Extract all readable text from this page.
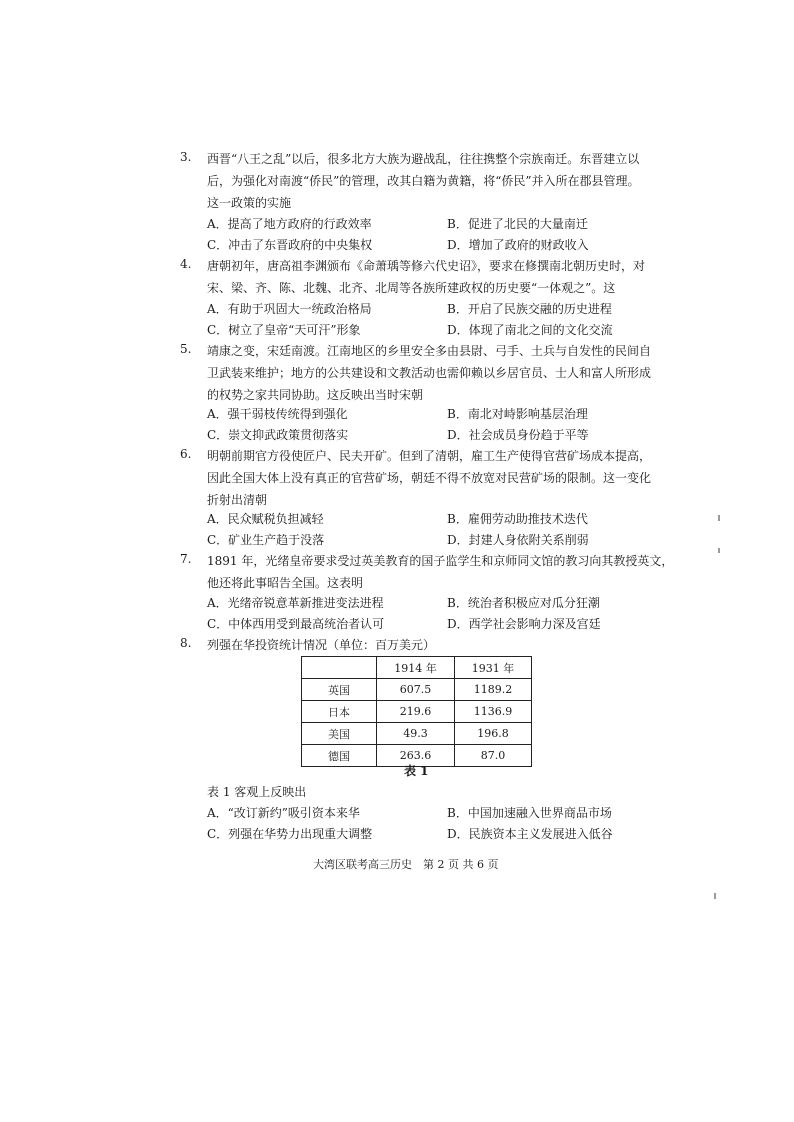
3.	西晋“八王之乱”以后，很多北方大族为避战乱，往往携整个宗族南迁。东晋建立以
后，为强化对南渡“侨民”的管理，改其白籍为黄籍，将“侨民”并入所在郡县管理。
这一政策的实施
A．提高了地方政府的行政效率	B．促进了北民的大量南迁
C．冲击了东晋政府的中央集权	D．增加了政府的财政收入
4.	唐朝初年，唐高祖李渊颁布《命萧瑀等修六代史诏》，要求在修撰南北朝历史时，对
宋、梁、齐、陈、北魏、北齐、北周等各族所建政权的历史要“一体观之”。这
A．有助于巩固大一统政治格局	B．开启了民族交融的历史进程
C．树立了皇帝“天可汗”形象	D．体现了南北之间的文化交流
5.	靖康之变，宋廷南渡。江南地区的乡里安全多由县尉、弓手、土兵与自发性的民间自
卫武装来维护；地方的公共建设和文教活动也需仰赖以乡居官员、士人和富人所形成
的权势之家共同协助。这反映出当时宋朝
A．强干弱枝传统得到强化	B．南北对峙影响基层治理
C．崇文抑武政策贯彻落实	D．社会成员身份趋于平等
6.	明朝前期官方役使匠户、民夫开矿。但到了清朝，雇工生产使得官营矿场成本提高，
因此全国大体上没有真正的官营矿场，朝廷不得不放宽对民营矿场的限制。这一变化
折射出清朝
A．民众赋税负担减轻	B．雇佣劳动助推技术迭代
C．矿业生产趋于没落	D．封建人身依附关系削弱
7.	1891 年，光绪皇帝要求受过英美教育的国子监学生和京师同文馆的教习向其教授英文，
他还将此事昭告全国。这表明
A．光绪帝锐意革新推进变法进程	B．统治者积极应对瓜分狂潮
C．中体西用受到最高统治者认可	D．西学社会影响力深及宫廷
8.	列强在华投资统计情况（单位：百万美元）
	1914 年	1931 年
英国	607.5	1189.2
日本	219.6	1136.9
美国	49.3	196.8
德国	263.6	87.0
表 1
表 1 客观上反映出
A．“改订新约”吸引资本来华	B．中国加速融入世界商品市场
C．列强在华势力出现重大调整	D．民族资本主义发展进入低谷
大湾区联考高三历史　第 2 页 共 6 页
